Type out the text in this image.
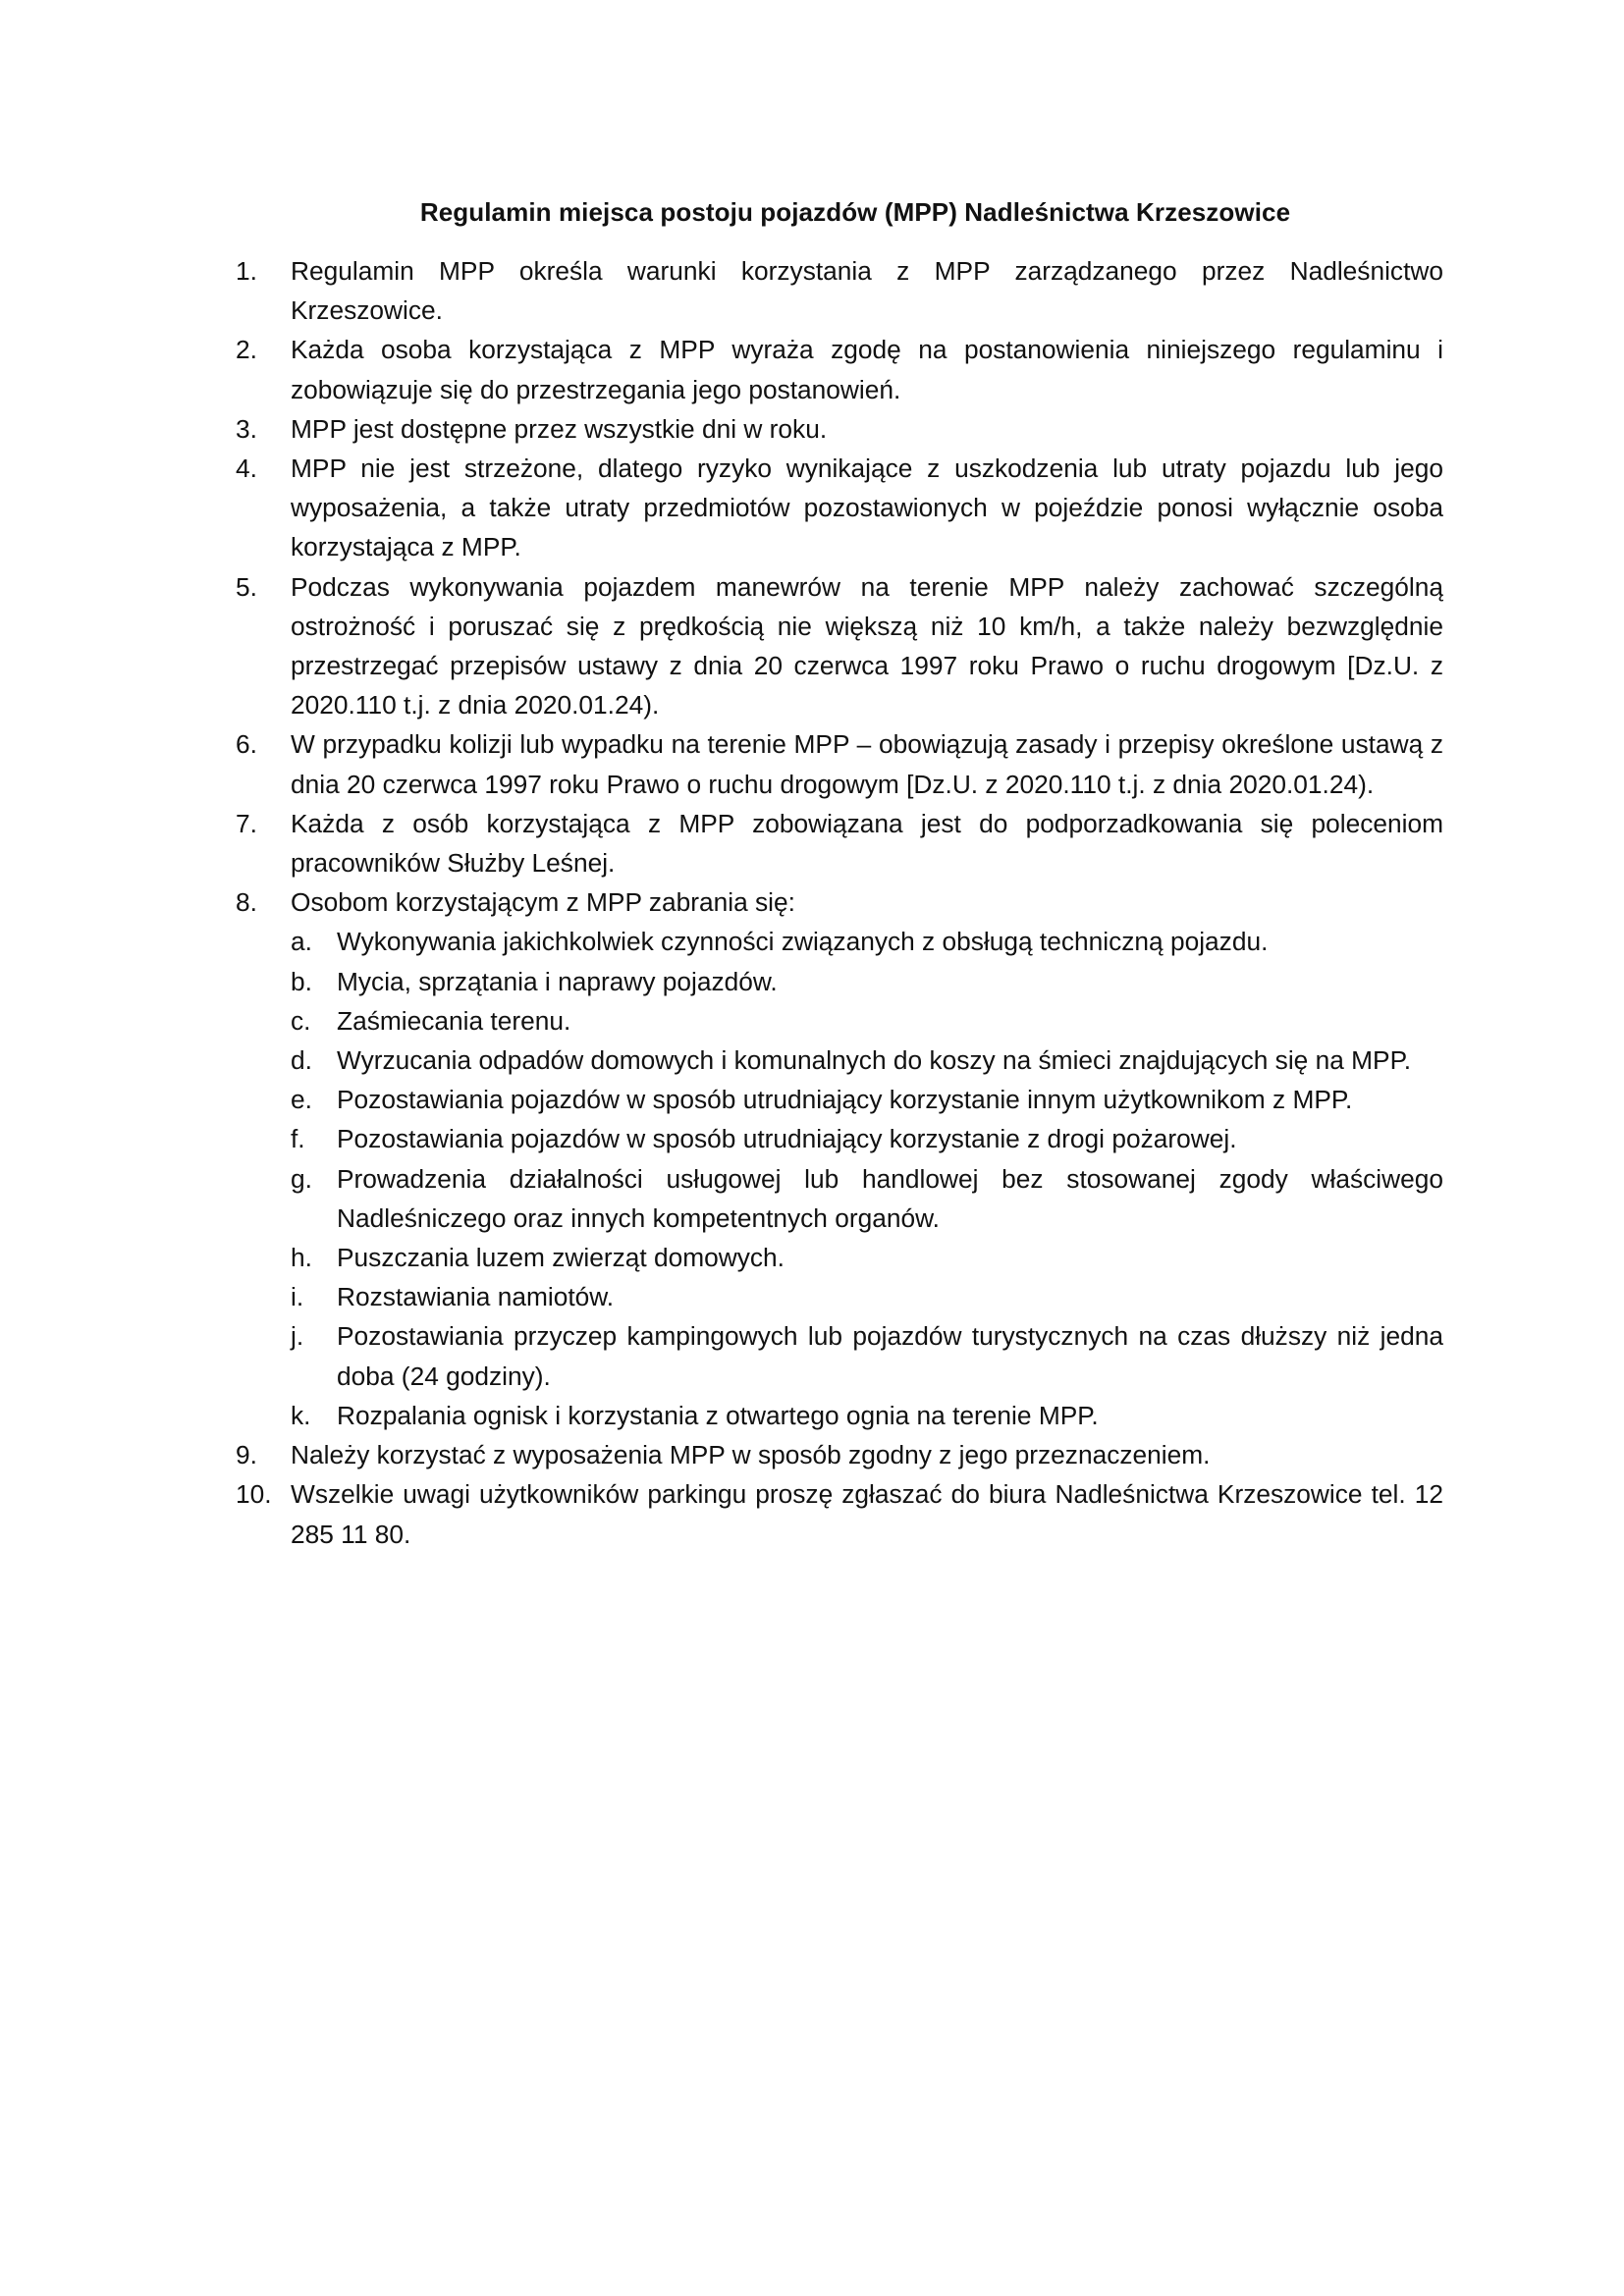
Regulamin miejsca postoju pojazdów (MPP) Nadleśnictwa Krzeszowice
1. Regulamin MPP określa warunki korzystania z MPP zarządzanego przez Nadleśnictwo Krzeszowice.
2. Każda osoba korzystająca z MPP wyraża zgodę na postanowienia niniejszego regulaminu i zobowiązuje się do przestrzegania jego postanowień.
3. MPP jest dostępne przez wszystkie dni w roku.
4. MPP nie jest strzeżone, dlatego ryzyko wynikające z uszkodzenia lub utraty pojazdu lub jego wyposażenia, a także utraty przedmiotów pozostawionych w pojeździe ponosi wyłącznie osoba korzystająca z MPP.
5. Podczas wykonywania pojazdem manewrów na terenie MPP należy zachować szczególną ostrożność i poruszać się z prędkością nie większą niż 10 km/h, a także należy bezwzględnie przestrzegać przepisów ustawy z dnia 20 czerwca 1997 roku Prawo o ruchu drogowym [Dz.U. z 2020.110 t.j. z dnia 2020.01.24).
6. W przypadku kolizji lub wypadku na terenie MPP – obowiązują zasady i przepisy określone ustawą z dnia 20 czerwca 1997 roku Prawo o ruchu drogowym [Dz.U. z 2020.110 t.j. z dnia 2020.01.24).
7. Każda z osób korzystająca z MPP zobowiązana jest do podporzadkowania się poleceniom pracowników Służby Leśnej.
8. Osobom korzystającym z MPP zabrania się:
a. Wykonywania jakichkolwiek czynności związanych z obsługą techniczną pojazdu.
b. Mycia, sprzątania i naprawy pojazdów.
c. Zaśmiecania terenu.
d. Wyrzucania odpadów domowych i komunalnych do koszy na śmieci znajdujących się na MPP.
e. Pozostawiania pojazdów w sposób utrudniający korzystanie innym użytkownikom z MPP.
f. Pozostawiania pojazdów w sposób utrudniający korzystanie z drogi pożarowej.
g. Prowadzenia działalności usługowej lub handlowej bez stosowanej zgody właściwego Nadleśniczego oraz innych kompetentnych organów.
h. Puszczania luzem zwierząt domowych.
i. Rozstawiania namiotów.
j. Pozostawiania przyczep kampingowych lub pojazdów turystycznych na czas dłuższy niż jedna doba (24 godziny).
k. Rozpalania ognisk i korzystania z otwartego ognia na terenie MPP.
9. Należy korzystać z wyposażenia MPP w sposób zgodny z jego przeznaczeniem.
10. Wszelkie uwagi użytkowników parkingu proszę zgłaszać do biura Nadleśnictwa Krzeszowice tel. 12 285 11 80.
